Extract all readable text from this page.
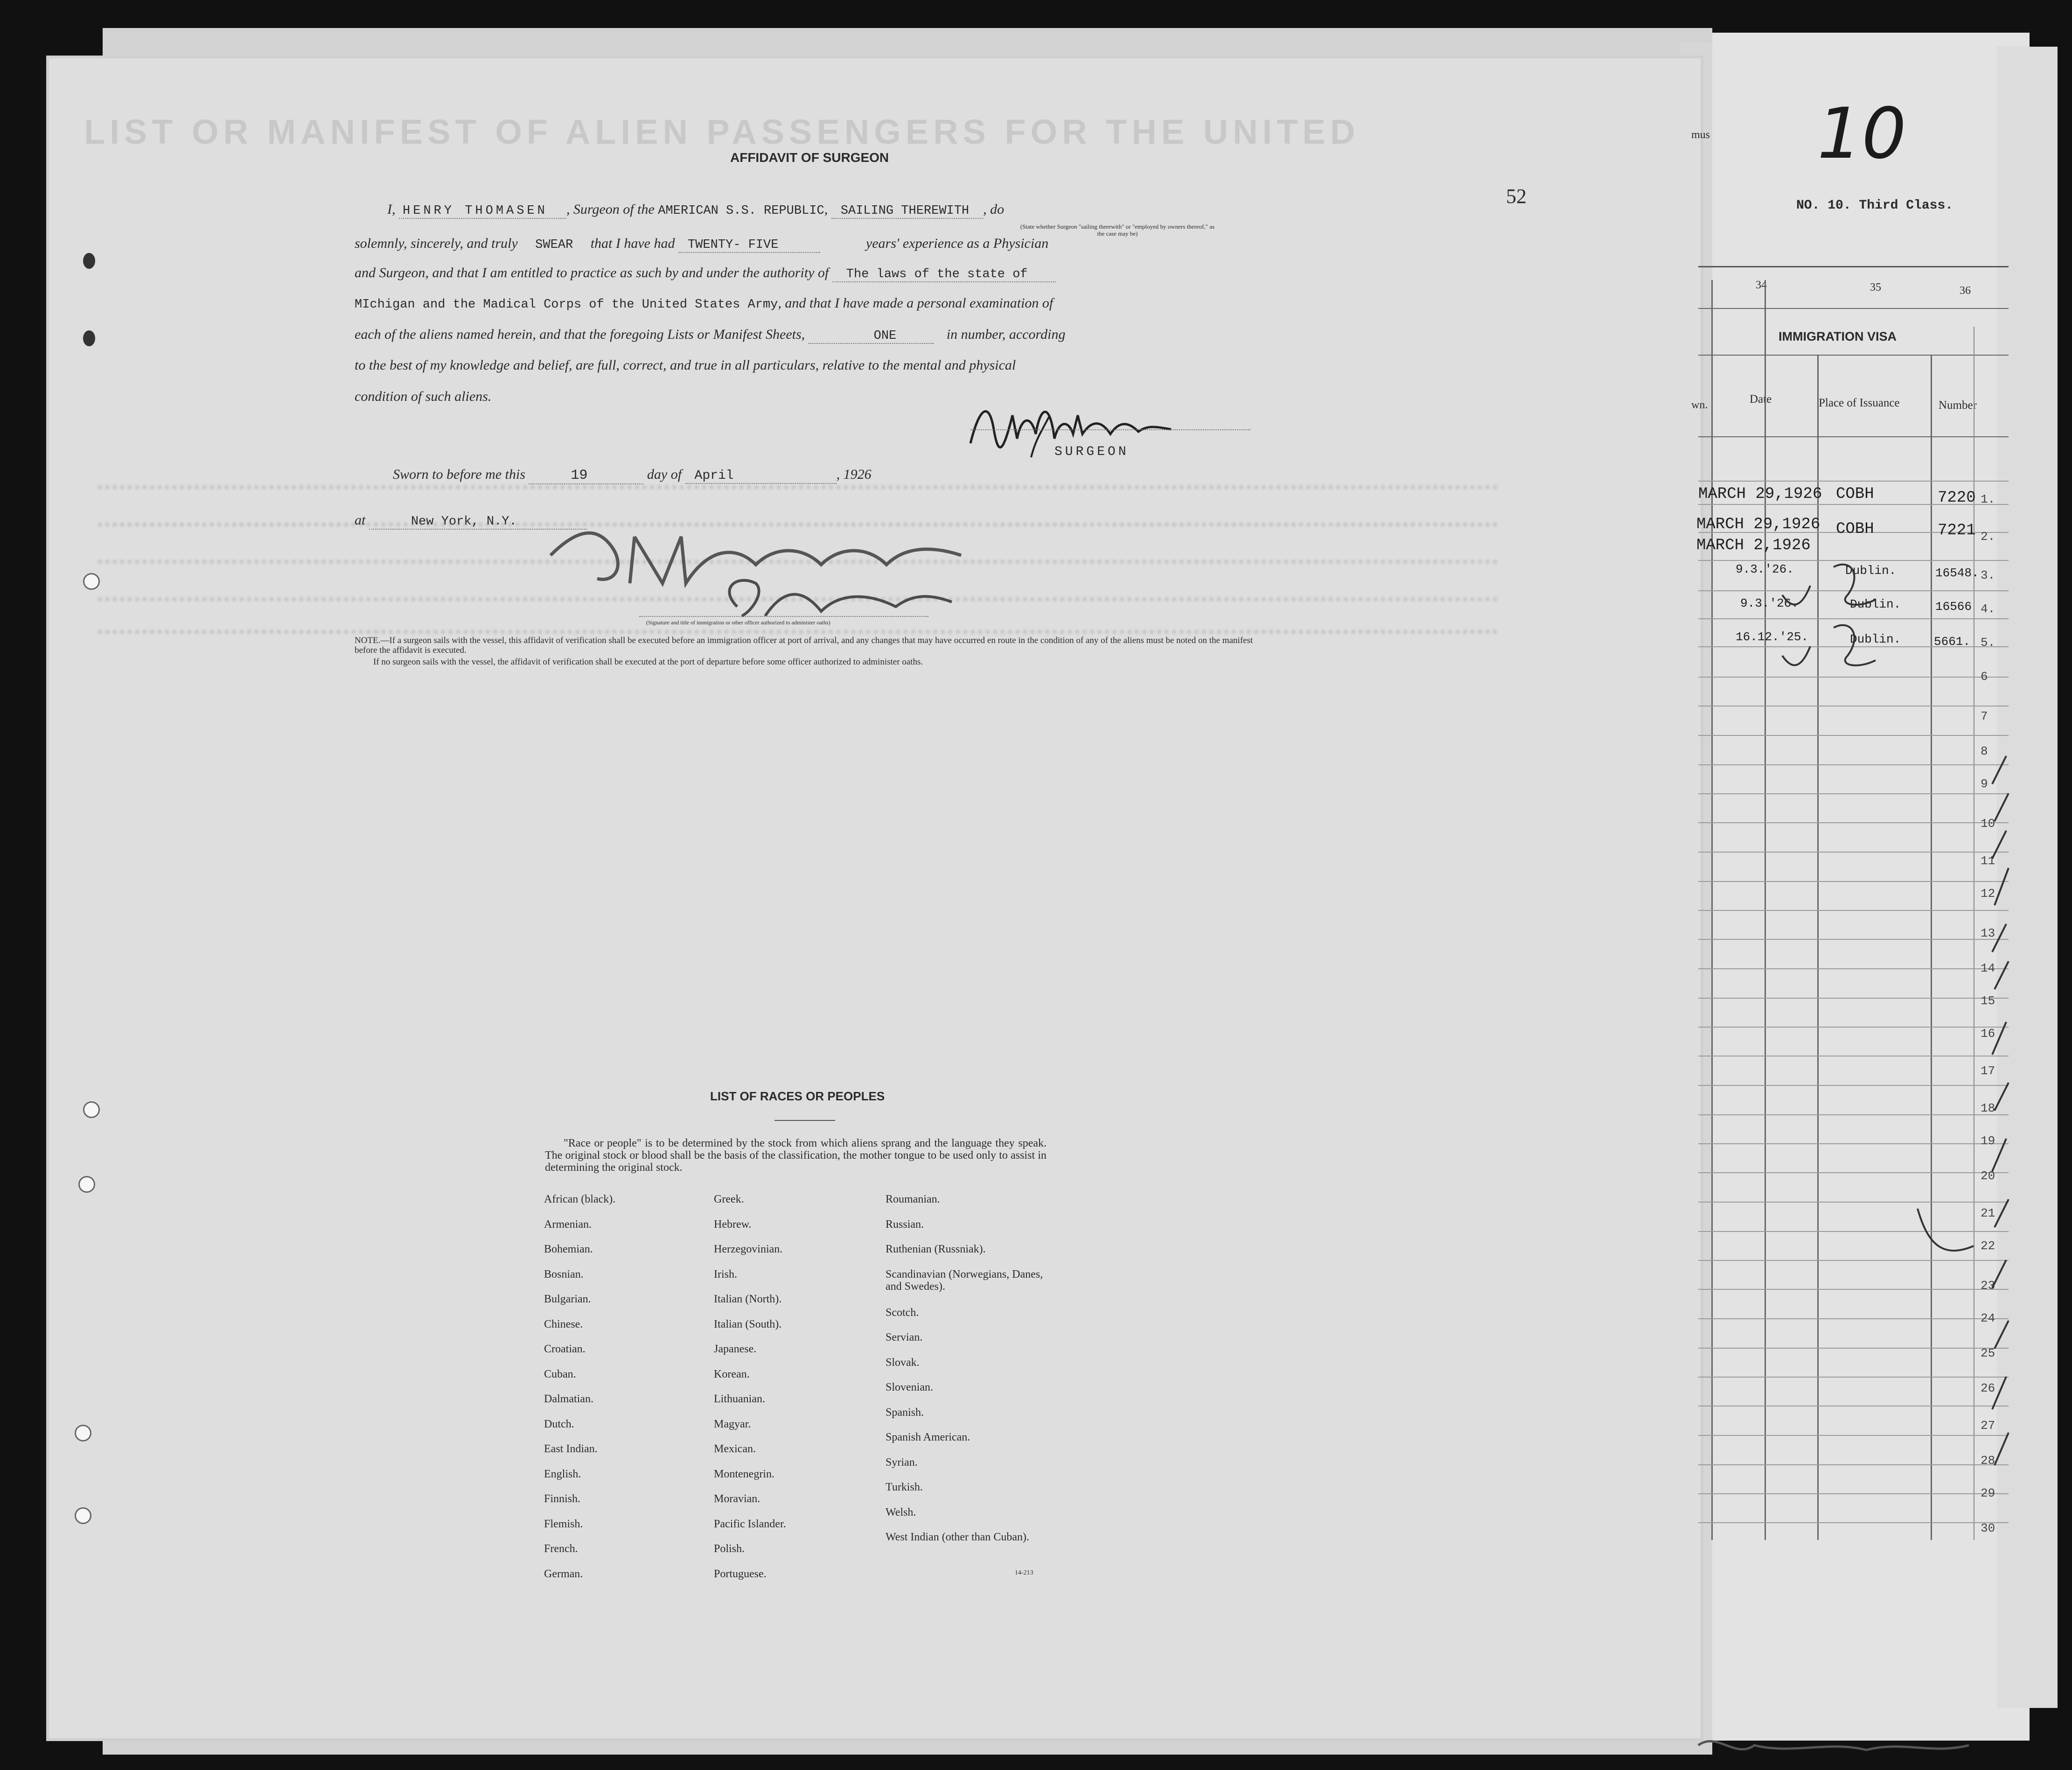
LIST OR MANIFEST OF ALIEN PASSENGERS FOR THE UNITED
52
AFFIDAVIT OF SURGEON
I, HENRY THOMASEN , Surgeon of the AMERICAN S.S. REPUBLIC, SAILING THEREWITH , do
(State whether Surgeon "sailing therewith" or "employed by owners thereof," as the case may be)
solemnly, sincerely, and truly SWEAR that I have had TWENTY- FIVE	years' experience as a Physician
and Surgeon, and that I am entitled to practice as such by and under the authority of The laws of the state of
MIchigan and the Madical Corps of the United States Army, and that I have made a personal examination of
each of the aliens named herein, and that the foregoing Lists or Manifest Sheets,	ONE	in number, according
to the best of my knowledge and belief, are full, correct, and true in all particulars, relative to the mental and physical
condition of such aliens.
SURGEON
Sworn to before me this	19	day of April	, 1926
at	New York, N.Y.
(Signature and title of immigration or other officer authorized to administer oaths)
NOTE.—If a surgeon sails with the vessel, this affidavit of verification shall be executed before an immigration officer at port of arrival, and any changes that may have occurred en route in the condition of any of the aliens must be noted on the manifest before the affidavit is executed.
If no surgeon sails with the vessel, the affidavit of verification shall be executed at the port of departure before some officer authorized to administer oaths.
LIST OF RACES OR PEOPLES
"Race or people" is to be determined by the stock from which aliens sprang and the language they speak. The original stock or blood shall be the basis of the classification, the mother tongue to be used only to assist in determining the original stock.
African (black).
Armenian.
Bohemian.
Bosnian.
Bulgarian.
Chinese.
Croatian.
Cuban.
Dalmatian.
Dutch.
East Indian.
English.
Finnish.
Flemish.
French.
German.
Greek.
Hebrew.
Herzegovinian.
Irish.
Italian (North).
Italian (South).
Japanese.
Korean.
Lithuanian.
Magyar.
Mexican.
Montenegrin.
Moravian.
Pacific Islander.
Polish.
Portuguese.
Roumanian.
Russian.
Ruthenian (Russniak).
Scandinavian (Norwegians, Danes, and Swedes).
Scotch.
Servian.
Slovak.
Slovenian.
Spanish.
Spanish American.
Syrian.
Turkish.
Welsh.
West Indian (other than Cuban).
14-213
mus 10
NO. 10. Third Class.
34	35	36
IMMIGRATION VISA
wn.	Date	Place of Issuance	Number
MARCH 29,1926 COBH	7220 1.
MARCH 29,1926 COBH	7221 2.
MARCH 2,1926
9.3.'26.	Dublin.	16548. 3.
9.3.'26.	Dublin.	16566 4.
16.12.'25.	Dublin.	5661. 5.
6
7
8
9
10
11
12
13
14
15
16
17
18
19
20
21
22
23
24
25
26
27
28
29
30
